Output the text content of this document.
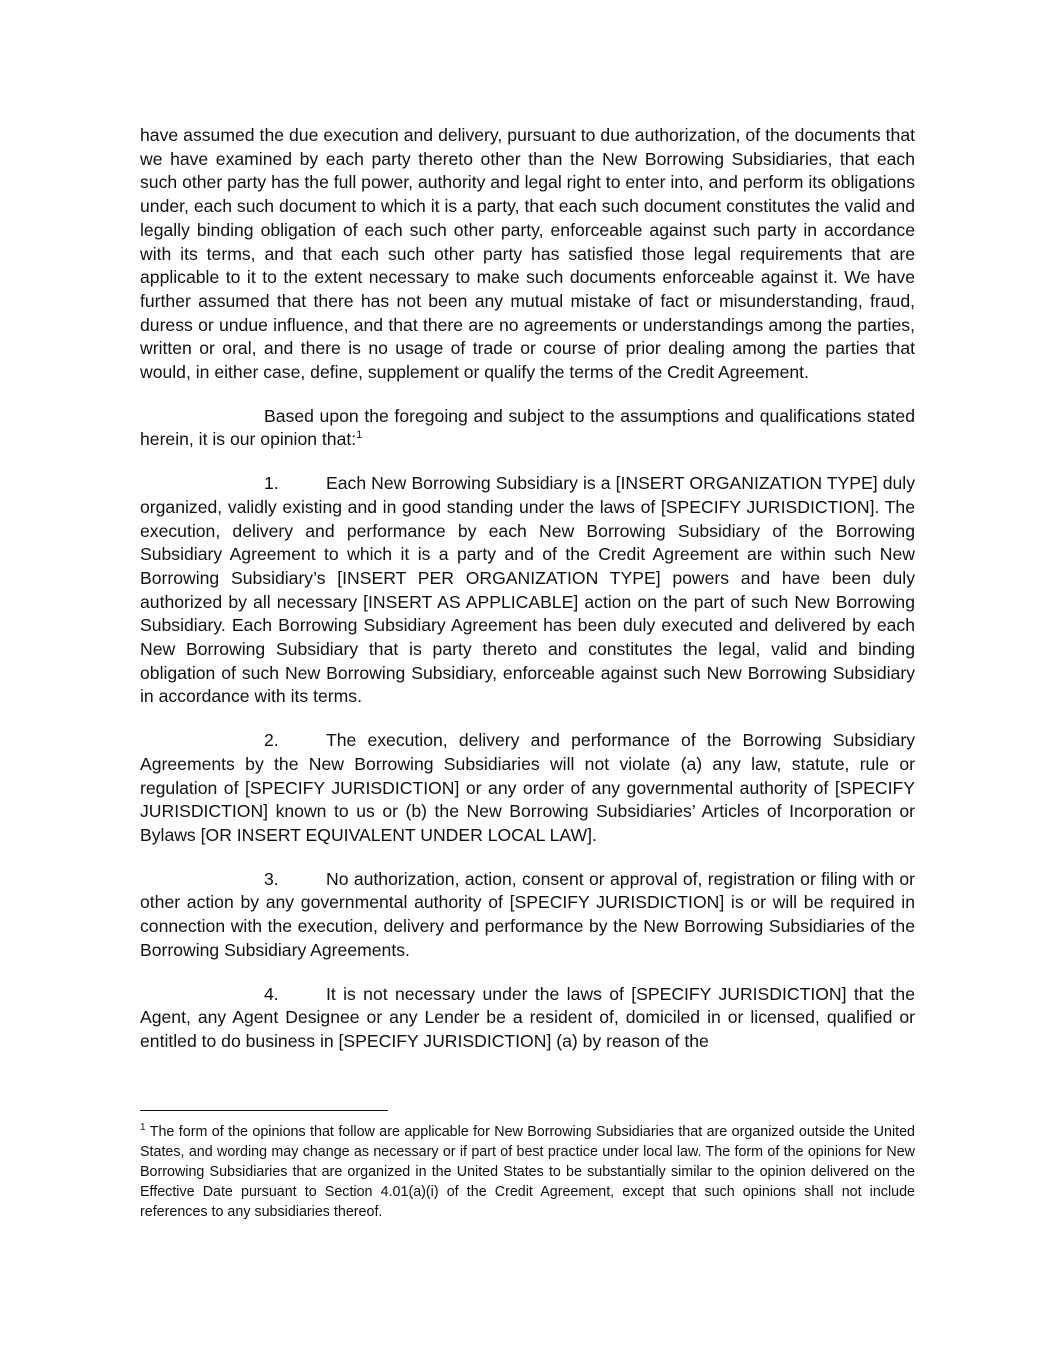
have assumed the due execution and delivery, pursuant to due authorization, of the documents that we have examined by each party thereto other than the New Borrowing Subsidiaries, that each such other party has the full power, authority and legal right to enter into, and perform its obligations under, each such document to which it is a party, that each such document constitutes the valid and legally binding obligation of each such other party, enforceable against such party in accordance with its terms, and that each such other party has satisfied those legal requirements that are applicable to it to the extent necessary to make such documents enforceable against it. We have further assumed that there has not been any mutual mistake of fact or misunderstanding, fraud, duress or undue influence, and that there are no agreements or understandings among the parties, written or oral, and there is no usage of trade or course of prior dealing among the parties that would, in either case, define, supplement or qualify the terms of the Credit Agreement.

Based upon the foregoing and subject to the assumptions and qualifications stated herein, it is our opinion that:$^1$

1.	Each New Borrowing Subsidiary is a [INSERT ORGANIZATION TYPE] duly organized, validly existing and in good standing under the laws of [SPECIFY JURISDICTION]. The execution, delivery and performance by each New Borrowing Subsidiary of the Borrowing Subsidiary Agreement to which it is a party and of the Credit Agreement are within such New Borrowing Subsidiary’s [INSERT PER ORGANIZATION TYPE] powers and have been duly authorized by all necessary [INSERT AS APPLICABLE] action on the part of such New Borrowing Subsidiary. Each Borrowing Subsidiary Agreement has been duly executed and delivered by each New Borrowing Subsidiary that is party thereto and constitutes the legal, valid and binding obligation of such New Borrowing Subsidiary, enforceable against such New Borrowing Subsidiary in accordance with its terms.

2.	The execution, delivery and performance of the Borrowing Subsidiary Agreements by the New Borrowing Subsidiaries will not violate (a) any law, statute, rule or regulation of [SPECIFY JURISDICTION] or any order of any governmental authority of [SPECIFY JURISDICTION] known to us or (b) the New Borrowing Subsidiaries’ Articles of Incorporation or Bylaws [OR INSERT EQUIVALENT UNDER LOCAL LAW].

3.	No authorization, action, consent or approval of, registration or filing with or other action by any governmental authority of [SPECIFY JURISDICTION] is or will be required in connection with the execution, delivery and performance by the New Borrowing Subsidiaries of the Borrowing Subsidiary Agreements.

4.	It is not necessary under the laws of [SPECIFY JURISDICTION] that the Agent, any Agent Designee or any Lender be a resident of, domiciled in or licensed, qualified or entitled to do business in [SPECIFY JURISDICTION] (a) by reason of the

$^1$ The form of the opinions that follow are applicable for New Borrowing Subsidiaries that are organized outside the United States, and wording may change as necessary or if part of best practice under local law. The form of the opinions for New Borrowing Subsidiaries that are organized in the United States to be substantially similar to the opinion delivered on the Effective Date pursuant to Section 4.01(a)(i) of the Credit Agreement, except that such opinions shall not include references to any subsidiaries thereof.
